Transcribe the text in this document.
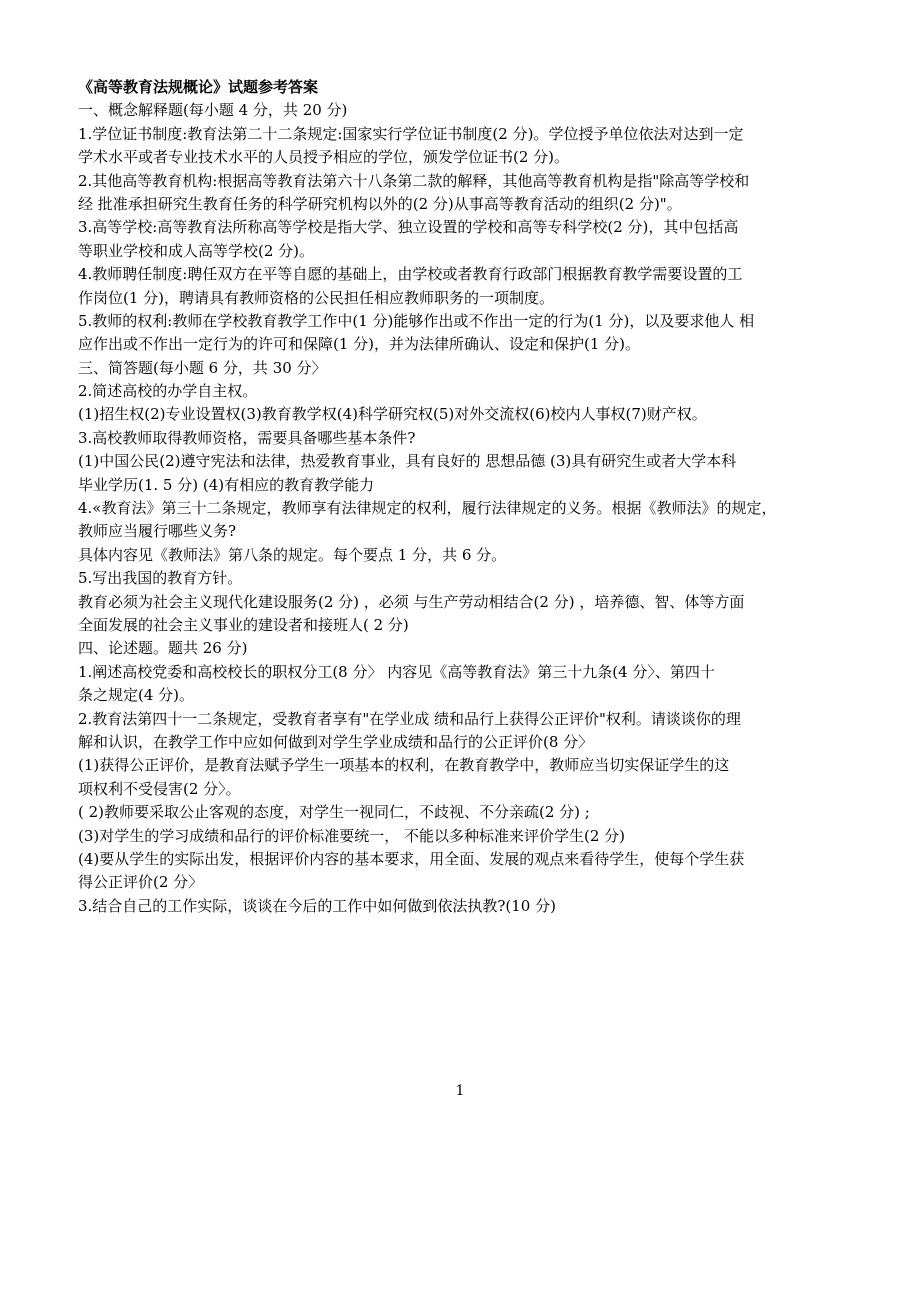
《高等教育法规概论》试题参考答案
一、概念解释题(每小题 4 分，共 20 分)
1.学位证书制度:教育法第二十二条规定:国家实行学位证书制度(2 分)。学位授予单位依法对达到一定
学术水平或者专业技术水平的人员授予相应的学位，颁发学位证书(2 分)。
2.其他高等教育机构:根据高等教育法第六十八条第二款的解释，其他高等教育机构是指"除高等学校和
经 批准承担研究生教育任务的科学研究机构以外的(2 分)从事高等教育活动的组织(2 分)"。
3.高等学校:高等教育法所称高等学校是指大学、独立设置的学校和高等专科学校(2 分)，其中包括高
等职业学校和成人高等学校(2 分)。
4.教师聘任制度:聘任双方在平等自愿的基础上，由学校或者教育行政部门根据教育教学需要设置的工
作岗位(1 分)，聘请具有教师资格的公民担任相应教师职务的一项制度。
5.教师的权利:教师在学校教育教学工作中(1 分)能够作出或不作出一定的行为(1 分)，以及要求他人 相
应作出或不作出一定行为的许可和保障(1 分)，并为法律所确认、设定和保护(1 分)。
三、简答题(每小题 6 分，共 30 分〉
2.简述高校的办学自主权。
(1)招生权(2)专业设置权(3)教育教学权(4)科学研究权(5)对外交流权(6)校内人事权(7)财产权。
3.高校教师取得教师资格，需要具备哪些基本条件?
(1)中国公民(2)遵守宪法和法律，热爱教育事业，具有良好的 思想品德 (3)具有研究生或者大学本科
毕业学历(1. 5 分) (4)有相应的教育教学能力
4.«教育法》第三十二条规定，教师享有法律规定的权利，履行法律规定的义务。根据《教师法》的规定，
教师应当履行哪些义务?
具体内容见《教师法》第八条的规定。每个要点 1 分，共 6 分。
5.写出我国的教育方针。
教育必须为社会主义现代化建设服务(2 分) ，必须 与生产劳动相结合(2 分) ，培养德、智、体等方面
全面发展的社会主义事业的建设者和接班人( 2 分)
四、论述题。题共 26 分)
1.阐述高校党委和高校校长的职权分工(8 分〉 内容见《高等教育法》第三十九条(4 分〉、第四十
条之规定(4 分)。
2.教育法第四十一二条规定，受教育者享有"在学业成 绩和品行上获得公正评价"权利。请谈谈你的理
解和认识，在教学工作中应如何做到对学生学业成绩和品行的公正评价(8 分〉
(1)获得公正评价，是教育法赋予学生一项基本的权利，在教育教学中，教师应当切实保证学生的这
项权利不受侵害(2 分〉。
( 2)教师要采取公止客观的态度，对学生一视同仁，不歧视、不分亲疏(2 分) ;
(3)对学生的学习成绩和品行的评价标准要统一， 不能以多种标准来评价学生(2 分)
(4)要从学生的实际出发，根据评价内容的基本要求，用全面、发展的观点来看待学生，使每个学生获
得公正评价(2 分〉
3.结合自己的工作实际，谈谈在今后的工作中如何做到依法执教?(10 分)
1
